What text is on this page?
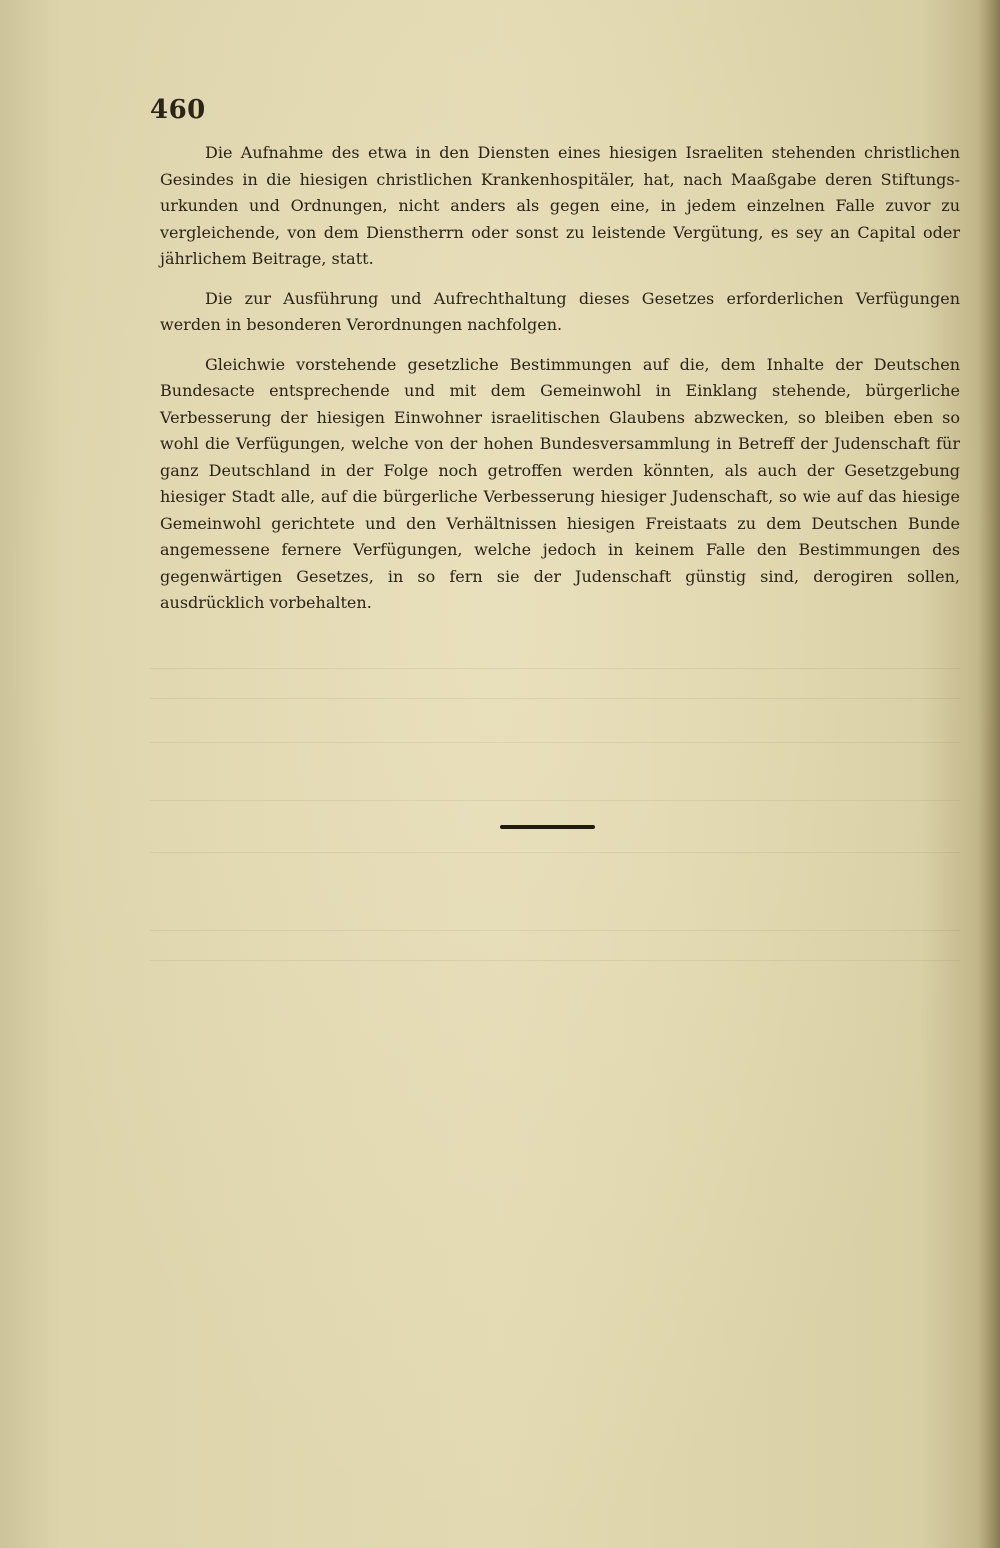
460

Die Aufnahme des etwa in den Diensten eines hiesigen Israeliten stehenden christlichen Gesindes in die hiesigen christlichen Krankenhospitäler, hat, nach Maaßgabe deren Stiftungs-urkunden und Ordnungen, nicht anders als gegen eine, in jedem einzelnen Falle zuvor zu vergleichende, von dem Dienstherrn oder sonst zu leistende Vergütung, es sey an Capital oder jährlichem Beitrage, statt.

Die zur Ausführung und Aufrechthaltung dieses Gesetzes erforderlichen Verfügungen werden in besonderen Verordnungen nachfolgen.

Gleichwie vorstehende gesetzliche Bestimmungen auf die, dem Inhalte der Deutschen Bundesacte entsprechende und mit dem Gemeinwohl in Einklang stehende, bürgerliche Verbesserung der hiesigen Einwohner israelitischen Glaubens abzwecken, so bleiben eben so wohl die Verfügungen, welche von der hohen Bundesversammlung in Betreff der Judenschaft für ganz Deutschland in der Folge noch getroffen werden könnten, als auch der Gesetzgebung hiesiger Stadt alle, auf die bürgerliche Verbesserung hiesiger Judenschaft, so wie auf das hiesige Gemeinwohl gerichtete und den Verhältnissen hiesigen Freistaats zu dem Deutschen Bunde angemessene fernere Verfügungen, welche jedoch in keinem Falle den Bestimmungen des gegenwärtigen Gesetzes, in so fern sie der Judenschaft günstig sind, derogiren sollen, ausdrücklich vorbehalten.
